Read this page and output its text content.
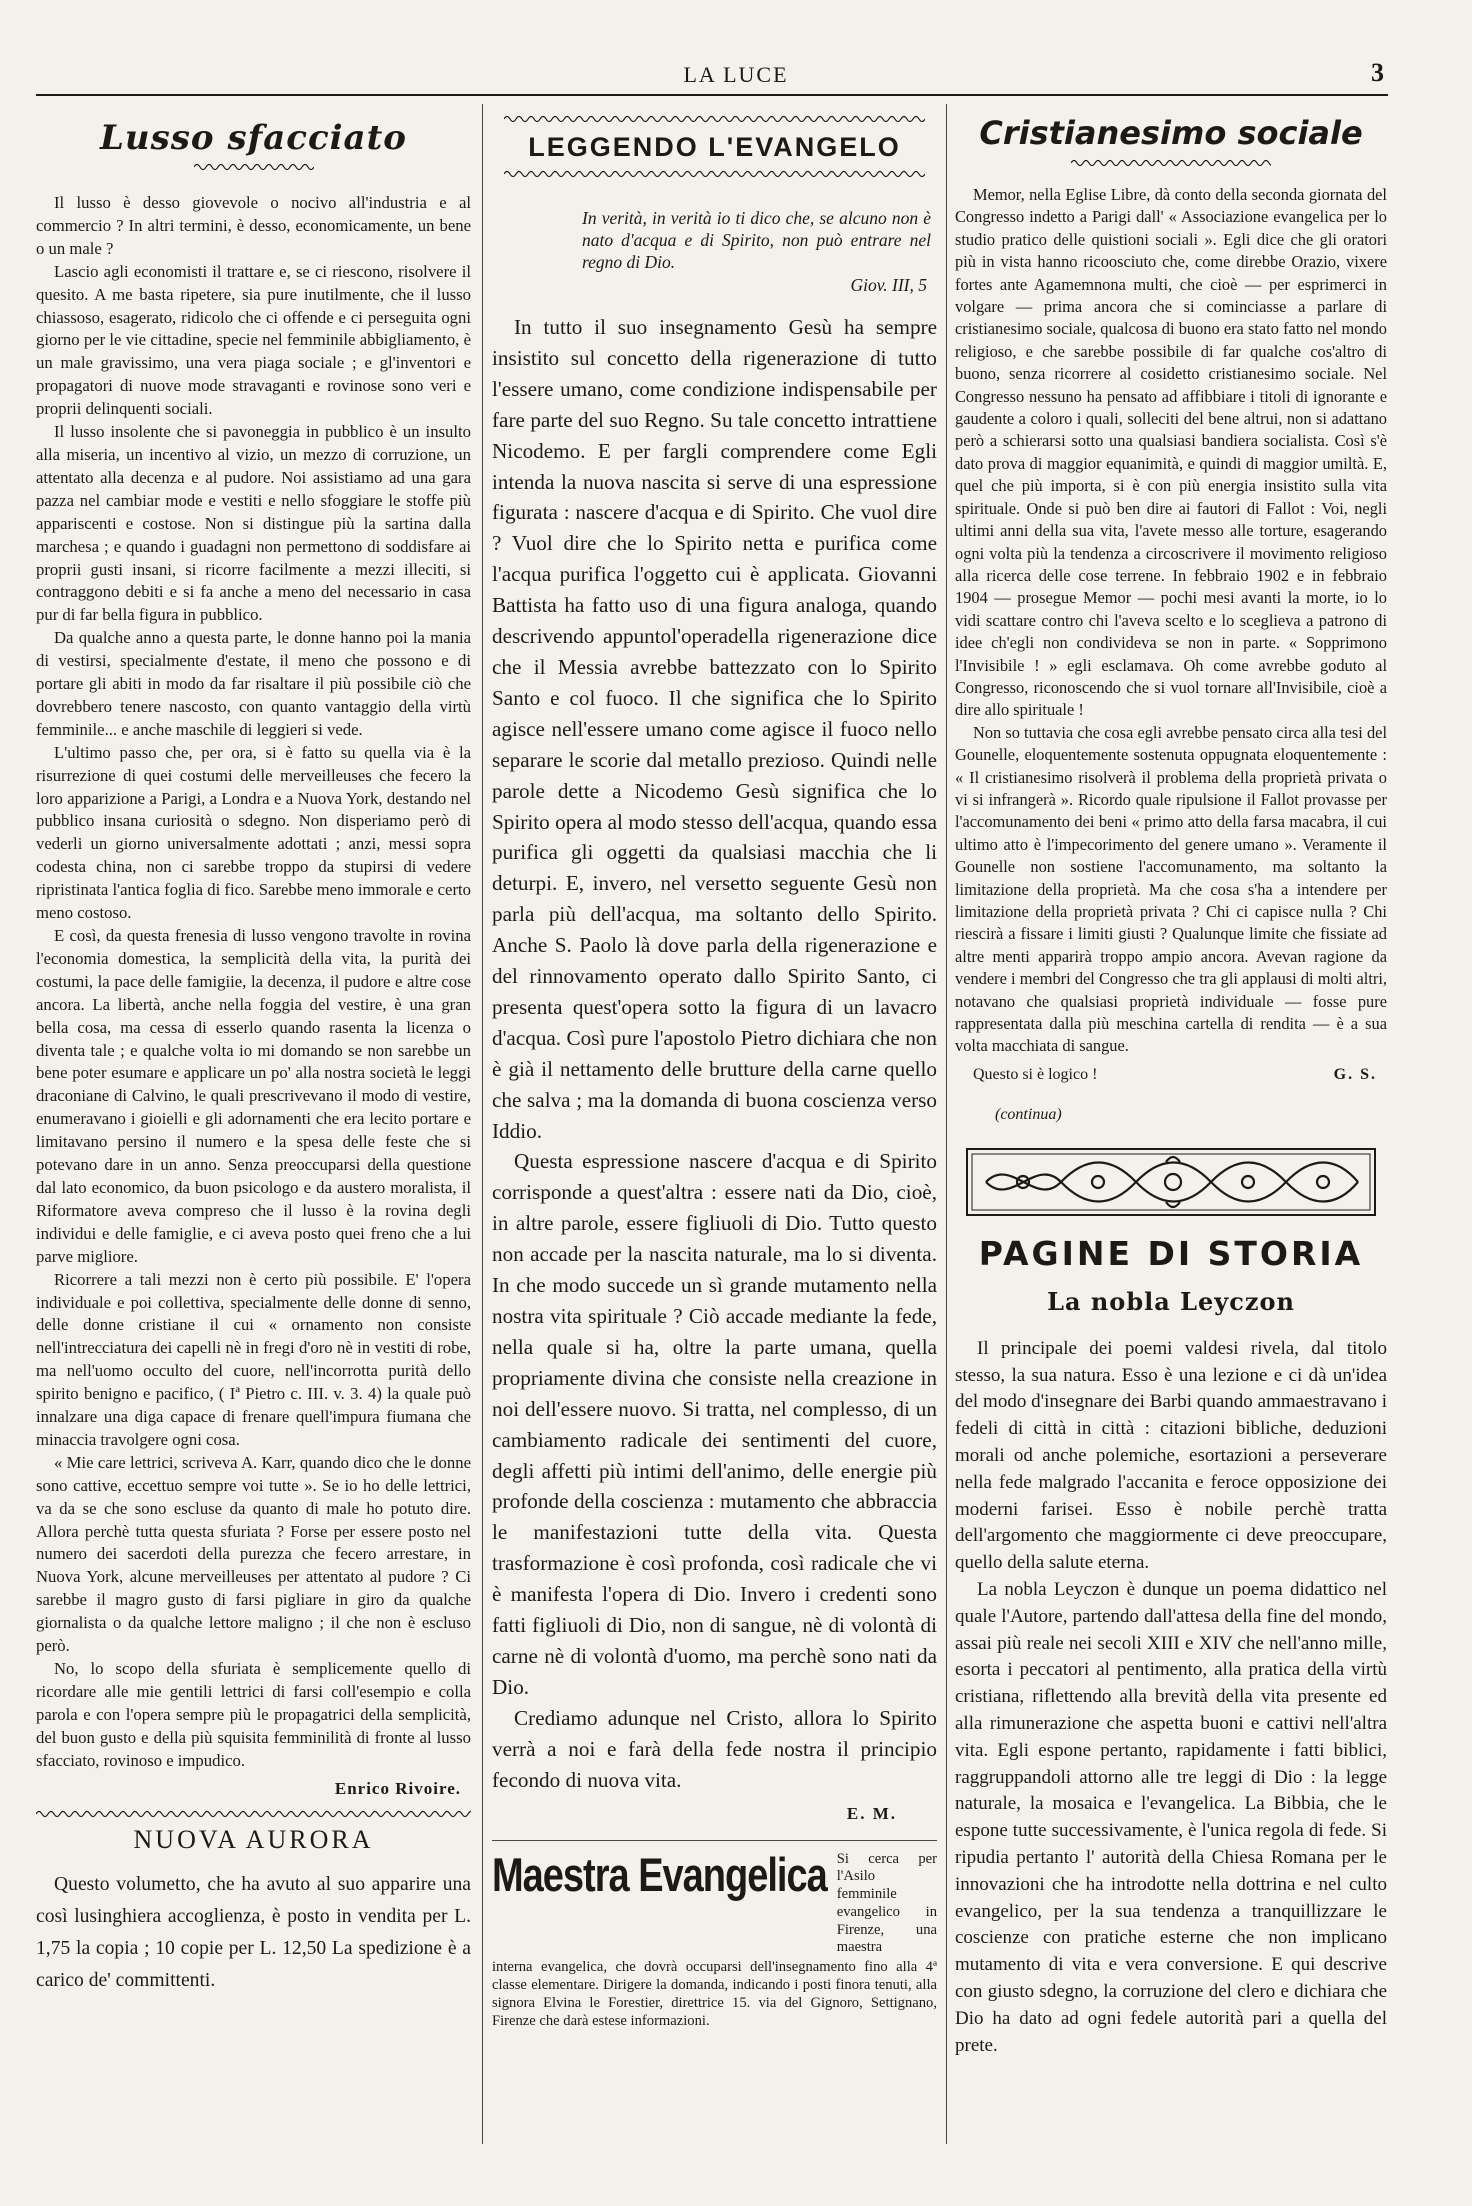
LA LUCE	3
Lusso sfacciato

Il lusso è desso giovevole o nocivo all'industria e al commercio ? In altri termini, è desso, economicamente, un bene o un male ?

Lascio agli economisti il trattare e, se ci riescono, risolvere il quesito. A me basta ripetere, sia pure inutilmente, che il lusso chiassoso, esagerato, ridicolo che ci offende e ci perseguita ogni giorno per le vie cittadine, specie nel femminile abbigliamento, è un male gravissimo, una vera piaga sociale ; e gl'inventori e propagatori di nuove mode stravaganti e rovinose sono veri e proprii delinquenti sociali.

Il lusso insolente che si pavoneggia in pubblico è un insulto alla miseria, un incentivo al vizio, un mezzo di corruzione, un attentato alla decenza e al pudore. Noi assistiamo ad una gara pazza nel cambiar mode e vestiti e nello sfoggiare le stoffe più appariscenti e costose. Non si distingue più la sartina dalla marchesa ; e quando i guadagni non permettono di soddisfare ai proprii gusti insani, si ricorre facilmente a mezzi illeciti, si contraggono debiti e si fa anche a meno del necessario in casa pur di far bella figura in pubblico.

Da qualche anno a questa parte, le donne hanno poi la mania di vestirsi, specialmente d'estate, il meno che possono e di portare gli abiti in modo da far risaltare il più possibile ciò che dovrebbero tenere nascosto, con quanto vantaggio della virtù femminile... e anche maschile di leggieri si vede.

L'ultimo passo che, per ora, si è fatto su quella via è la risurrezione di quei costumi delle merveilleuses che fecero la loro apparizione a Parigi, a Londra e a Nuova York, destando nel pubblico insana curiosità o sdegno. Non disperiamo però di vederli un giorno universalmente adottati ; anzi, messi sopra codesta china, non ci sarebbe troppo da stupirsi di vedere ripristinata l'antica foglia di fico. Sarebbe meno immorale e certo meno costoso.

E così, da questa frenesia di lusso vengono travolte in rovina l'economia domestica, la semplicità della vita, la purità dei costumi, la pace delle famigiie, la decenza, il pudore e altre cose ancora. La libertà, anche nella foggia del vestire, è una gran bella cosa, ma cessa di esserlo quando rasenta la licenza o diventa tale ; e qualche volta io mi domando se non sarebbe un bene poter esumare e applicare un po' alla nostra società le leggi draconiane di Calvino, le quali prescrivevano il modo di vestire, enumeravano i gioielli e gli adornamenti che era lecito portare e limitavano persino il numero e la spesa delle feste che si potevano dare in un anno. Senza preoccuparsi della questione dal lato economico, da buon psicologo e da austero moralista, il Riformatore aveva compreso che il lusso è la rovina degli individui e delle famiglie, e ci aveva posto quei freno che a lui parve migliore.

Ricorrere a tali mezzi non è certo più possibile. E' l'opera individuale e poi collettiva, specialmente delle donne di senno, delle donne cristiane il cui « ornamento non consiste nell'intrecciatura dei capelli nè in fregi d'oro nè in vestiti di robe, ma nell'uomo occulto del cuore, nell'incorrotta purità dello spirito benigno e pacifico, ( Iª Pietro c. III. v. 3. 4) la quale può innalzare una diga capace di frenare quell'impura fiumana che minaccia travolgere ogni cosa.

« Mie care lettrici, scriveva A. Karr, quando dico che le donne sono cattive, eccettuo sempre voi tutte ». Se io ho delle lettrici, va da se che sono escluse da quanto di male ho potuto dire. Allora perchè tutta questa sfuriata ? Forse per essere posto nel numero dei sacerdoti della purezza che fecero arrestare, in Nuova York, alcune merveilleuses per attentato al pudore ? Ci sarebbe il magro gusto di farsi pigliare in giro da qualche giornalista o da qualche lettore maligno ; il che non è escluso però.

No, lo scopo della sfuriata è semplicemente quello di ricordare alle mie gentili lettrici di farsi coll'esempio e colla parola e con l'opera sempre più le propagatrici della semplicità, del buon gusto e della più squisita femminilità di fronte al lusso sfacciato, rovinoso e impudico.

Enrico Rivoire.
NUOVA AURORA

Questo volumetto, che ha avuto al suo apparire una così lusinghiera accoglienza, è posto in vendita per L. 1,75 la copia ; 10 copie per L. 12,50 La spedizione è a carico de' committenti.

LEGGENDO L'EVANGELO
In verità, in verità io ti dico che, se alcuno non è nato d'acqua e di Spirito, non può entrare nel regno di Dio.
Giov. III, 5

In tutto il suo insegnamento Gesù ha sempre insistito sul concetto della rigenerazione di tutto l'essere umano, come condizione indispensabile per fare parte del suo Regno. Su tale concetto intrattiene Nicodemo. E per fargli comprendere come Egli intenda la nuova nascita si serve di una espressione figurata : nascere d'acqua e di Spirito. Che vuol dire ? Vuol dire che lo Spirito netta e purifica come l'acqua purifica l'oggetto cui è applicata. Giovanni Battista ha fatto uso di una figura analoga, quando descrivendo appuntol'operadella rigenerazione dice che il Messia avrebbe battezzato con lo Spirito Santo e col fuoco. Il che significa che lo Spirito agisce nell'essere umano come agisce il fuoco nello separare le scorie dal metallo prezioso. Quindi nelle parole dette a Nicodemo Gesù significa che lo Spirito opera al modo stesso dell'acqua, quando essa purifica gli oggetti da qualsiasi macchia che li deturpi. E, invero, nel versetto seguente Gesù non parla più dell'acqua, ma soltanto dello Spirito. Anche S. Paolo là dove parla della rigenerazione e del rinnovamento operato dallo Spirito Santo, ci presenta quest'opera sotto la figura di un lavacro d'acqua. Così pure l'apostolo Pietro dichiara che non è già il nettamento delle brutture della carne quello che salva ; ma la domanda di buona coscienza verso Iddio.

Questa espressione nascere d'acqua e di Spirito corrisponde a quest'altra : essere nati da Dio, cioè, in altre parole, essere figliuoli di Dio. Tutto questo non accade per la nascita naturale, ma lo si diventa. In che modo succede un sì grande mutamento nella nostra vita spirituale ? Ciò accade mediante la fede, nella quale si ha, oltre la parte umana, quella propriamente divina che consiste nella creazione in noi dell'essere nuovo. Si tratta, nel complesso, di un cambiamento radicale dei sentimenti del cuore, degli affetti più intimi dell'animo, delle energie più profonde della coscienza : mutamento che abbraccia le manifestazioni tutte della vita. Questa trasformazione è così profonda, così radicale che vi è manifesta l'opera di Dio. Invero i credenti sono fatti figliuoli di Dio, non di sangue, nè di volontà di carne nè di volontà d'uomo, ma perchè sono nati da Dio.

Crediamo adunque nel Cristo, allora lo Spirito verrà a noi e farà della fede nostra il principio fecondo di nuova vita.

E. M.
Maestra Evangelica Si cerca per l'Asilo femminile evangelico in Firenze, una maestra
interna evangelica, che dovrà occuparsi dell'insegnamento fino alla 4ª classe elementare. Dirigere la domanda, indicando i posti finora tenuti, alla signora Elvina le Forestier, direttrice 15. via del Gignoro, Settignano, Firenze che darà estese informazioni.
Cristianesimo sociale

Memor, nella Eglise Libre, dà conto della seconda giornata del Congresso indetto a Parigi dall' « Associazione evangelica per lo studio pratico delle quistioni sociali ». Egli dice che gli oratori più in vista hanno ricoosciuto che, come direbbe Orazio, vixere fortes ante Agamemnona multi, che cioè — per esprimerci in volgare — prima ancora che si cominciasse a parlare di cristianesimo sociale, qualcosa di buono era stato fatto nel mondo religioso, e che sarebbe possibile di far qualche cos'altro di buono, senza ricorrere al cosidetto cristianesimo sociale. Nel Congresso nessuno ha pensato ad affibbiare i titoli di ignorante e gaudente a coloro i quali, solleciti del bene altrui, non si adattano però a schierarsi sotto una qualsiasi bandiera socialista. Così s'è dato prova di maggior equanimità, e quindi di maggior umiltà. E, quel che più importa, si è con più energia insistito sulla vita spirituale. Onde si può ben dire ai fautori di Fallot : Voi, negli ultimi anni della sua vita, l'avete messo alle torture, esagerando ogni volta più la tendenza a circoscrivere il movimento religioso alla ricerca delle cose terrene. In febbraio 1902 e in febbraio 1904 — prosegue Memor — pochi mesi avanti la morte, io lo vidi scattare contro chi l'aveva scelto e lo sceglieva a patrono di idee ch'egli non condivideva se non in parte. « Sopprimono l'Invisibile ! » egli esclamava. Oh come avrebbe goduto al Congresso, riconoscendo che si vuol tornare all'Invisibile, cioè a dire allo spirituale !

Non so tuttavia che cosa egli avrebbe pensato circa alla tesi del Gounelle, eloquentemente sostenuta oppugnata eloquentemente : « Il cristianesimo risolverà il problema della proprietà privata o vi si infrangerà ». Ricordo quale ripulsione il Fallot provasse per l'accomunamento dei beni « primo atto della farsa macabra, il cui ultimo atto è l'impecorimento del genere umano ». Veramente il Gounelle non sostiene l'accomunamento, ma soltanto la limitazione della proprietà. Ma che cosa s'ha a intendere per limitazione della proprietà privata ? Chi ci capisce nulla ? Chi riescirà a fissare i limiti giusti ? Qualunque limite che fissiate ad altre menti apparirà troppo ampio ancora. Avevan ragione da vendere i membri del Congresso che tra gli applausi di molti altri, notavano che qualsiasi proprietà individuale — fosse pure rappresentata dalla più meschina cartella di rendita — è a sua volta macchiata di sangue.

Questo si è logico !	G. S.
(continua)
PAGINE DI STORIA
La nobla Leyczon

Il principale dei poemi valdesi rivela, dal titolo stesso, la sua natura. Esso è una lezione e ci dà un'idea del modo d'insegnare dei Barbi quando ammaestravano i fedeli di città in città : citazioni bibliche, deduzioni morali od anche polemiche, esortazioni a perseverare nella fede malgrado l'accanita e feroce opposizione dei moderni farisei. Esso è nobile perchè tratta dell'argomento che maggiormente ci deve preoccupare, quello della salute eterna.

La nobla Leyczon è dunque un poema didattico nel quale l'Autore, partendo dall'attesa della fine del mondo, assai più reale nei secoli XIII e XIV che nell'anno mille, esorta i peccatori al pentimento, alla pratica della virtù cristiana, riflettendo alla brevità della vita presente ed alla rimunerazione che aspetta buoni e cattivi nell'altra vita. Egli espone pertanto, rapidamente i fatti biblici, raggruppandoli attorno alle tre leggi di Dio : la legge naturale, la mosaica e l'evangelica. La Bibbia, che le espone tutte successivamente, è l'unica regola di fede. Si ripudia pertanto l' autorità della Chiesa Romana per le innovazioni che ha introdotte nella dottrina e nel culto evangelico, per la sua tendenza a tranquillizzare le coscienze con pratiche esterne che non implicano mutamento di vita e vera conversione. E qui descrive con giusto sdegno, la corruzione del clero e dichiara che Dio ha dato ad ogni fedele autorità pari a quella del prete.
